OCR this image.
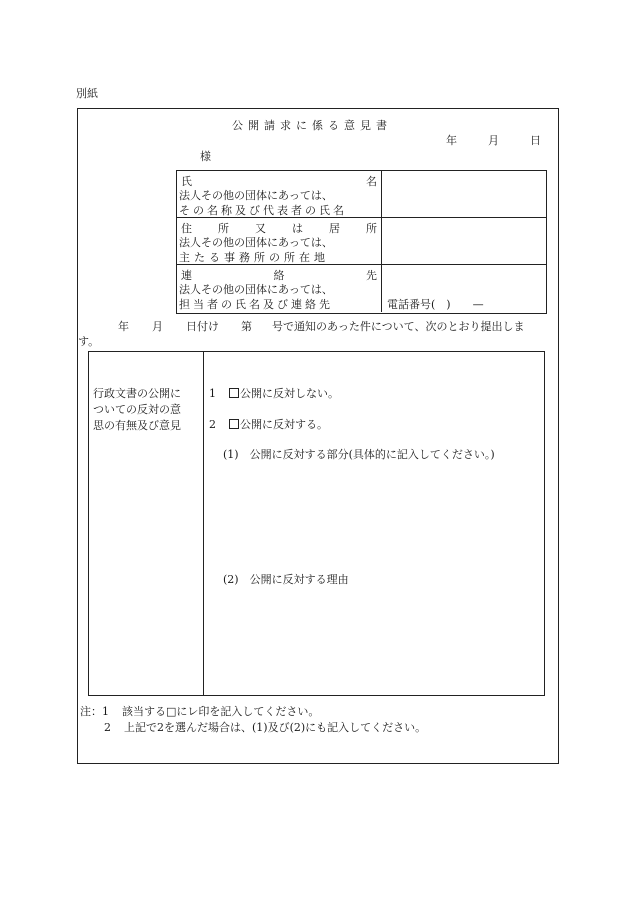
別紙
公開請求に係る意見書
年	月	日
様
氏	名
法人その他の団体にあっては、
その名称及び代表者の氏名
住 所 又 は 居 所
法人その他の団体にあっては、
主たる事務所の所在地
連	絡	先
法人その他の団体にあっては、
担当者の氏名及び連絡先	電話番号(　)　　—
年 月 日付け 第 号で通知のあった件について、次のとおり提出しま
す。
行政文書の公開に
ついての反対の意
思の有無及び意見
1 公開に反対しない。
2 公開に反対する。
(1)　公開に反対する部分(具体的に記入してください。)
(2)　公開に反対する理由
注：1 該当する□にレ印を記入してください。
2 上記で2を選んだ場合は、(1)及び(2)にも記入してください。
